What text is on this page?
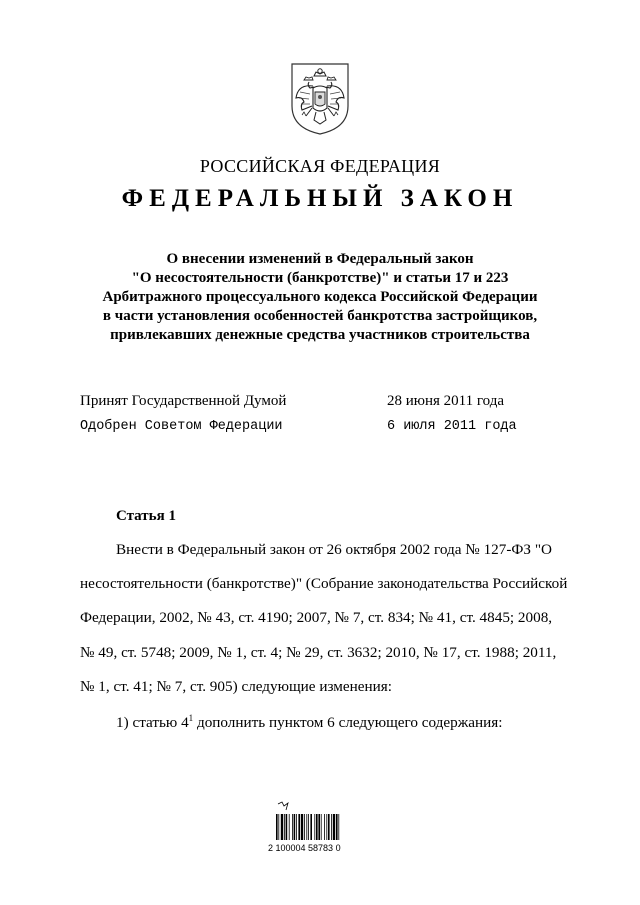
РОССИЙСКАЯ ФЕДЕРАЦИЯ
ФЕДЕРАЛЬНЫЙ ЗАКОН
О внесении изменений в Федеральный закон
"О несостоятельности (банкротстве)" и статьи 17 и 223
Арбитражного процессуального кодекса Российской Федерации
в части установления особенностей банкротства застройщиков,
привлекавших денежные средства участников строительства
Принят Государственной Думой	28 июня 2011 года
Одобрен Советом Федерации	6 июля 2011 года
Статья 1
Внести в Федеральный закон от 26 октября 2002 года № 127-ФЗ "О
несостоятельности (банкротстве)" (Собрание законодательства Российской
Федерации, 2002, № 43, ст. 4190; 2007, № 7, ст. 834; № 41, ст. 4845; 2008,
№ 49, ст. 5748; 2009, № 1, ст. 4; № 29, ст. 3632; 2010, № 17, ст. 1988; 2011,
№ 1, ст. 41; № 7, ст. 905) следующие изменения:
1) статью $4^1$ дополнить пунктом 6 следующего содержания:
2 100004 58783 0
